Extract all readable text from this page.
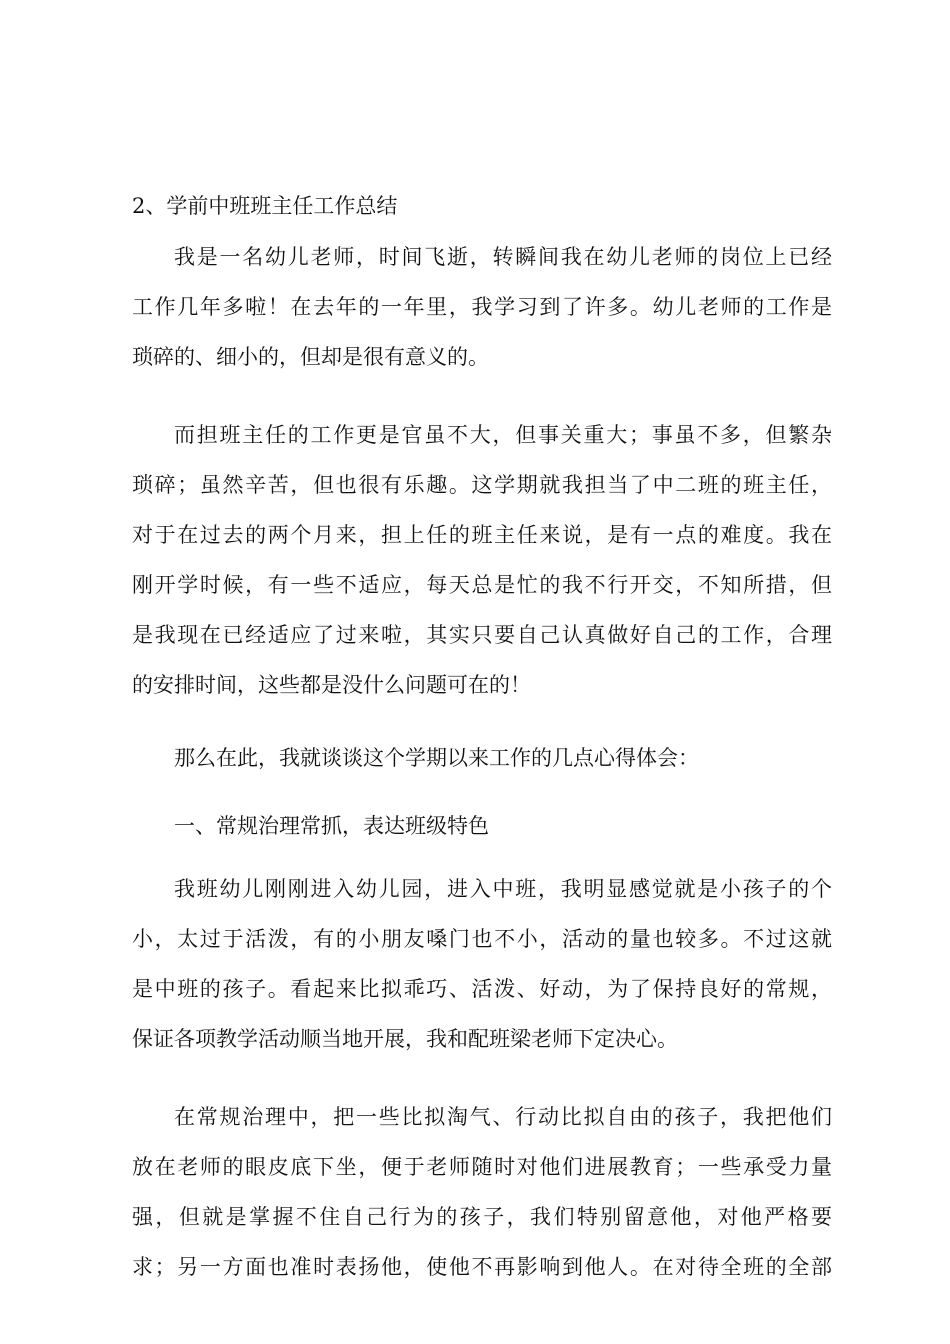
2、学前中班班主任工作总结
我是一名幼儿老师，时间飞逝，转瞬间我在幼儿老师的岗位上已经
工作几年多啦！在去年的一年里，我学习到了许多。幼儿老师的工作是
琐碎的、细小的，但却是很有意义的。
而担班主任的工作更是官虽不大，但事关重大；事虽不多，但繁杂
琐碎；虽然辛苦，但也很有乐趣。这学期就我担当了中二班的班主任，
对于在过去的两个月来，担上任的班主任来说，是有一点的难度。我在
刚开学时候，有一些不适应，每天总是忙的我不行开交，不知所措，但
是我现在已经适应了过来啦，其实只要自己认真做好自己的工作，合理
的安排时间，这些都是没什么问题可在的！
那么在此，我就谈谈这个学期以来工作的几点心得体会：
一、常规治理常抓，表达班级特色
我班幼儿刚刚进入幼儿园，进入中班，我明显感觉就是小孩子的个
小，太过于活泼，有的小朋友嗓门也不小，活动的量也较多。不过这就
是中班的孩子。看起来比拟乖巧、活泼、好动，为了保持良好的常规，
保证各项教学活动顺当地开展，我和配班梁老师下定决心。
在常规治理中，把一些比拟淘气、行动比拟自由的孩子，我把他们
放在老师的眼皮底下坐，便于老师随时对他们进展教育；一些承受力量
强，但就是掌握不住自己行为的孩子，我们特别留意他，对他严格要
求；另一方面也准时表扬他，使他不再影响到他人。在对待全班的全部
